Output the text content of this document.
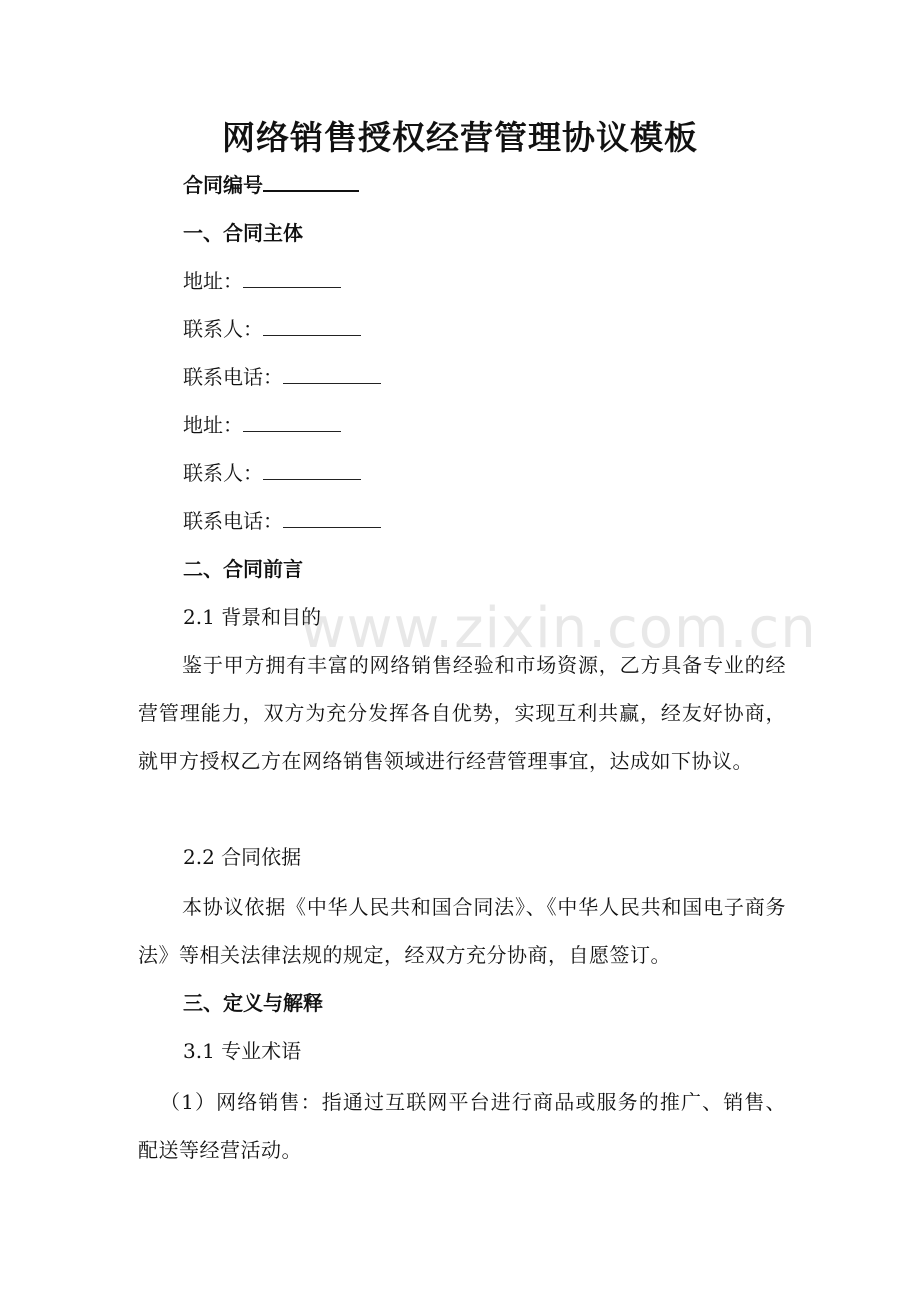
网络销售授权经营管理协议模板
合同编号
一、合同主体
地址：
联系人：
联系电话：
地址：
联系人：
联系电话：
二、合同前言
2.1 背景和目的

鉴于甲方拥有丰富的网络销售经验和市场资源，乙方具备专业的经营管理能力，双方为充分发挥各自优势，实现互利共赢，经友好协商，就甲方授权乙方在网络销售领域进行经营管理事宜，达成如下协议。

2.2 合同依据

本协议依据《中华人民共和国合同法》、《中华人民共和国电子商务法》等相关法律法规的规定，经双方充分协商，自愿签订。

三、定义与解释
3.1 专业术语

（1）网络销售：指通过互联网平台进行商品或服务的推广、销售、配送等经营活动。

www.zixin.com.cn
